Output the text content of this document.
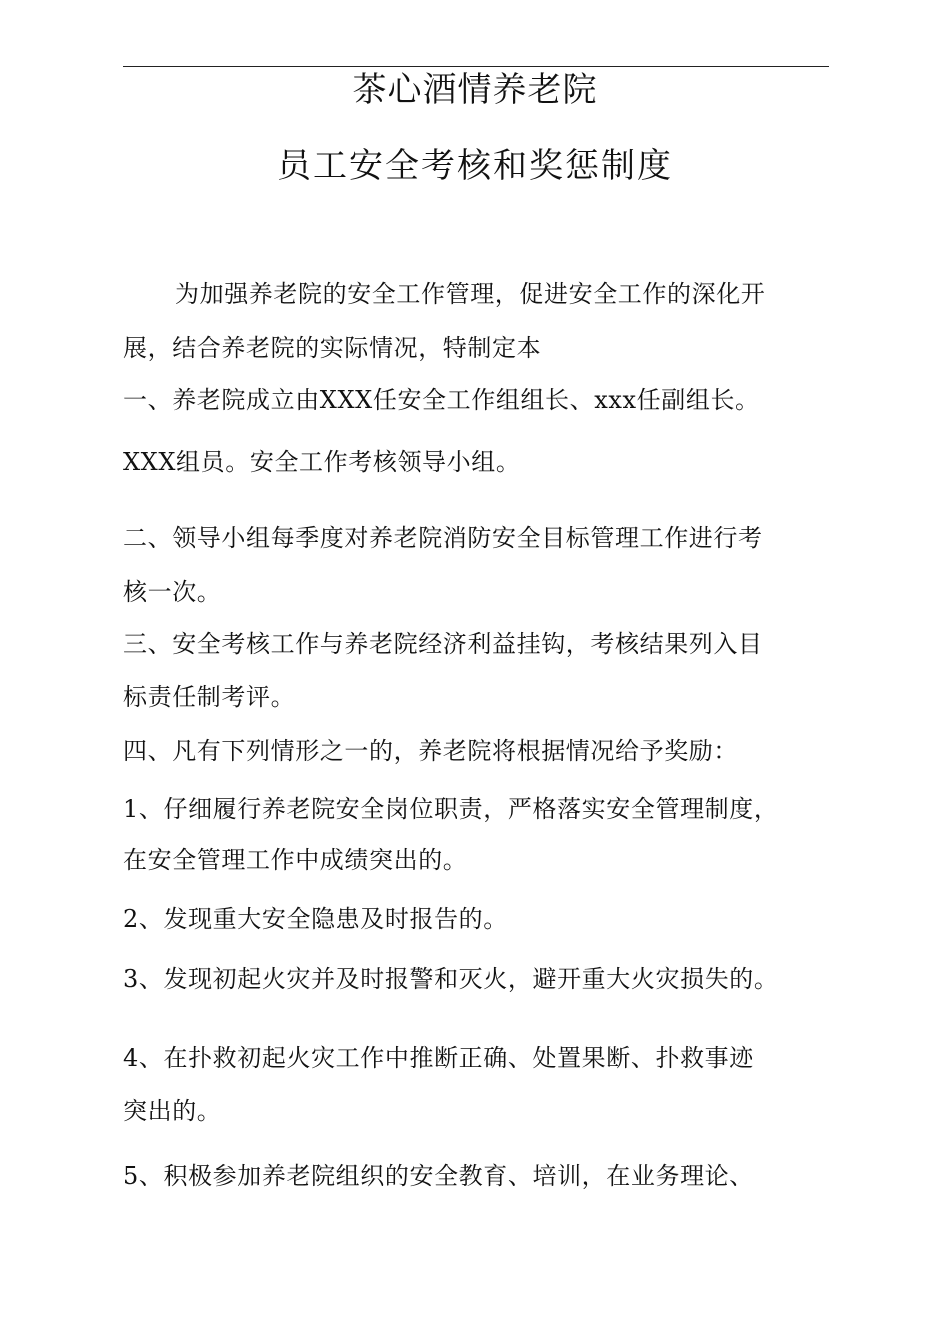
茶心酒情养老院
员工安全考核和奖惩制度
为加强养老院的安全工作管理，促进安全工作的深化开
展，结合养老院的实际情况，特制定本
一、养老院成立由XXX任安全工作组组长、xxx任副组长。
XXX组员。安全工作考核领导小组。
二、领导小组每季度对养老院消防安全目标管理工作进行考
核一次。
三、安全考核工作与养老院经济利益挂钩，考核结果列入目
标责任制考评。
四、凡有下列情形之一的，养老院将根据情况给予奖励：
1、仔细履行养老院安全岗位职责，严格落实安全管理制度，
在安全管理工作中成绩突出的。
2、发现重大安全隐患及时报告的。
3、发现初起火灾并及时报警和灭火，避开重大火灾损失的。
4、在扑救初起火灾工作中推断正确、处置果断、扑救事迹
突出的。
5、积极参加养老院组织的安全教育、培训，在业务理论、
